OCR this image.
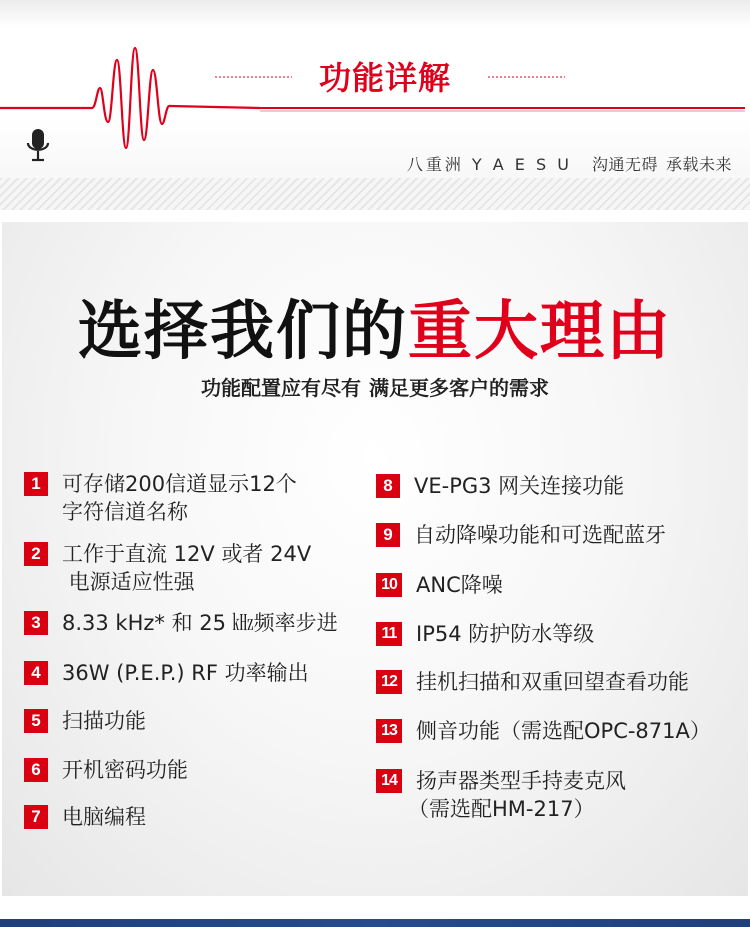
功能详解
八重洲 Y A E S U 沟通无碍 承载未来
选择我们的重大理由
功能配置应有尽有 满足更多客户的需求
1	可存储200信道显示12个
字符信道名称
2	工作于直流 12V 或者 24V
电源适应性强
3	8.33 kHz* 和 25 ㎑频率步进
4	36W (P.E.P.) RF 功率输出
5	扫描功能
6	开机密码功能
7	电脑编程
8	VE-PG3 网关连接功能
9	自动降噪功能和可选配蓝牙
10 ANC降噪
11 IP54 防护防水等级
12 挂机扫描和双重回望查看功能
13 侧音功能（需选配OPC-871A）
14 扬声器类型手持麦克风
（需选配HM-217）
